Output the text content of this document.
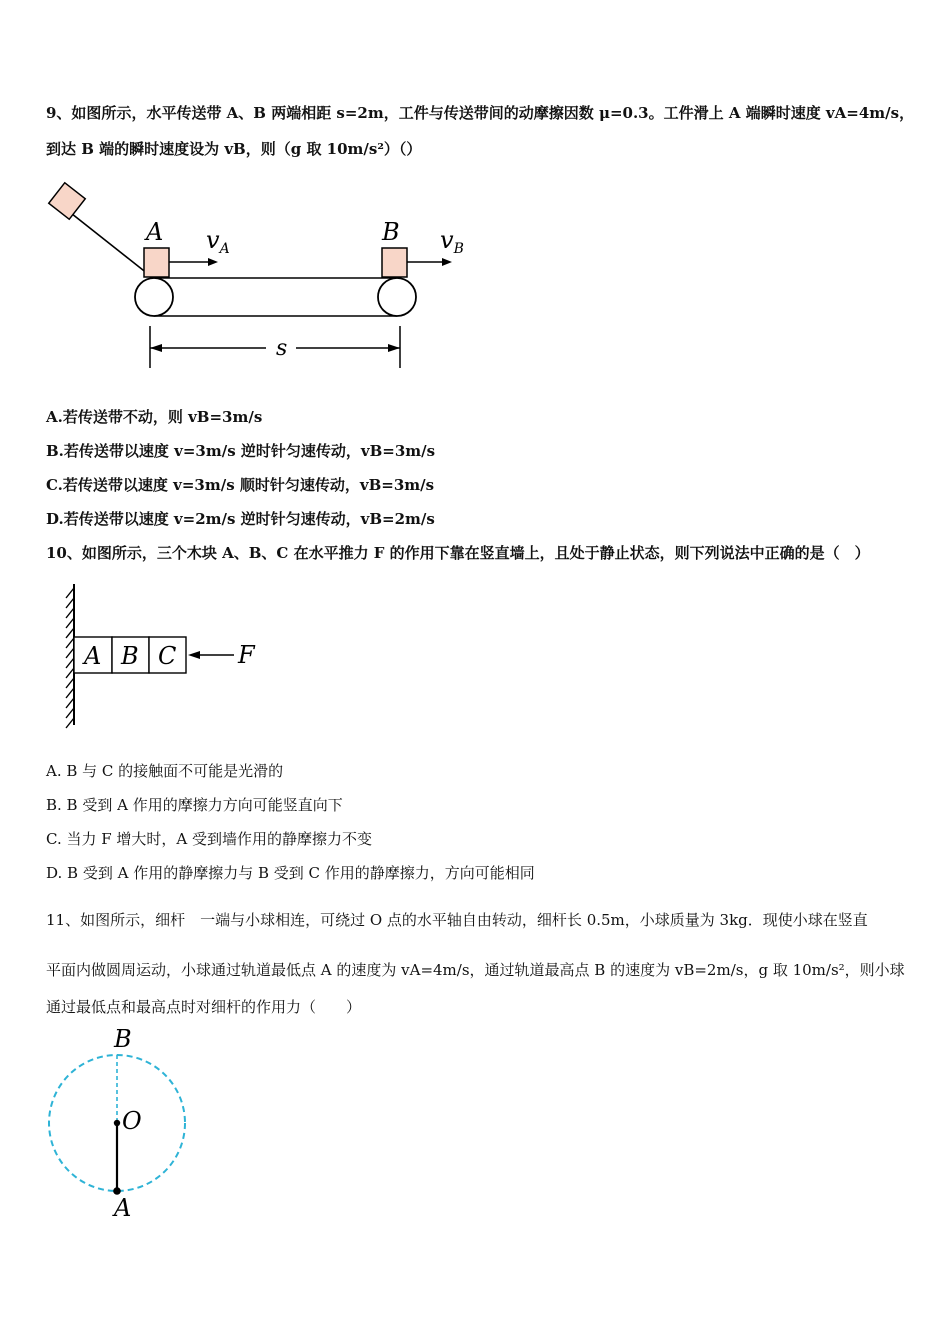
9、如图所示，水平传送带 A、B 两端相距 s=2m，工件与传送带间的动摩擦因数 μ=0.3。工件滑上 A 端瞬时速度 vA=4m/s，
到达 B 端的瞬时速度设为 vB，则（g 取 10m/s²）（）
A	B
$v_A$	$v_B$
s
A.若传送带不动，则 vB=3m/s
B.若传送带以速度 v=3m/s 逆时针匀速传动，vB=3m/s
C.若传送带以速度 v=3m/s 顺时针匀速传动，vB=3m/s
D.若传送带以速度 v=2m/s 逆时针匀速传动，vB=2m/s
10、如图所示，三个木块 A、B、C 在水平推力 F 的作用下靠在竖直墙上，且处于静止状态，则下列说法中正确的是（　）
A B C	F
A. B 与 C 的接触面不可能是光滑的
B. B 受到 A 作用的摩擦力方向可能竖直向下
C. 当力 F 增大时，A 受到墙作用的静摩擦力不变
D. B 受到 A 作用的静摩擦力与 B 受到 C 作用的静摩擦力，方向可能相同
11、如图所示，细杆　一端与小球相连，可绕过 O 点的水平轴自由转动，细杆长 0.5m，小球质量为 3kg．现使小球在竖直
平面内做圆周运动，小球通过轨道最低点 A 的速度为 vA=4m/s，通过轨道最高点 B 的速度为 vB=2m/s，g 取 10m/s²，则小球
通过最低点和最高点时对细杆的作用力（　　）
B
O
A
